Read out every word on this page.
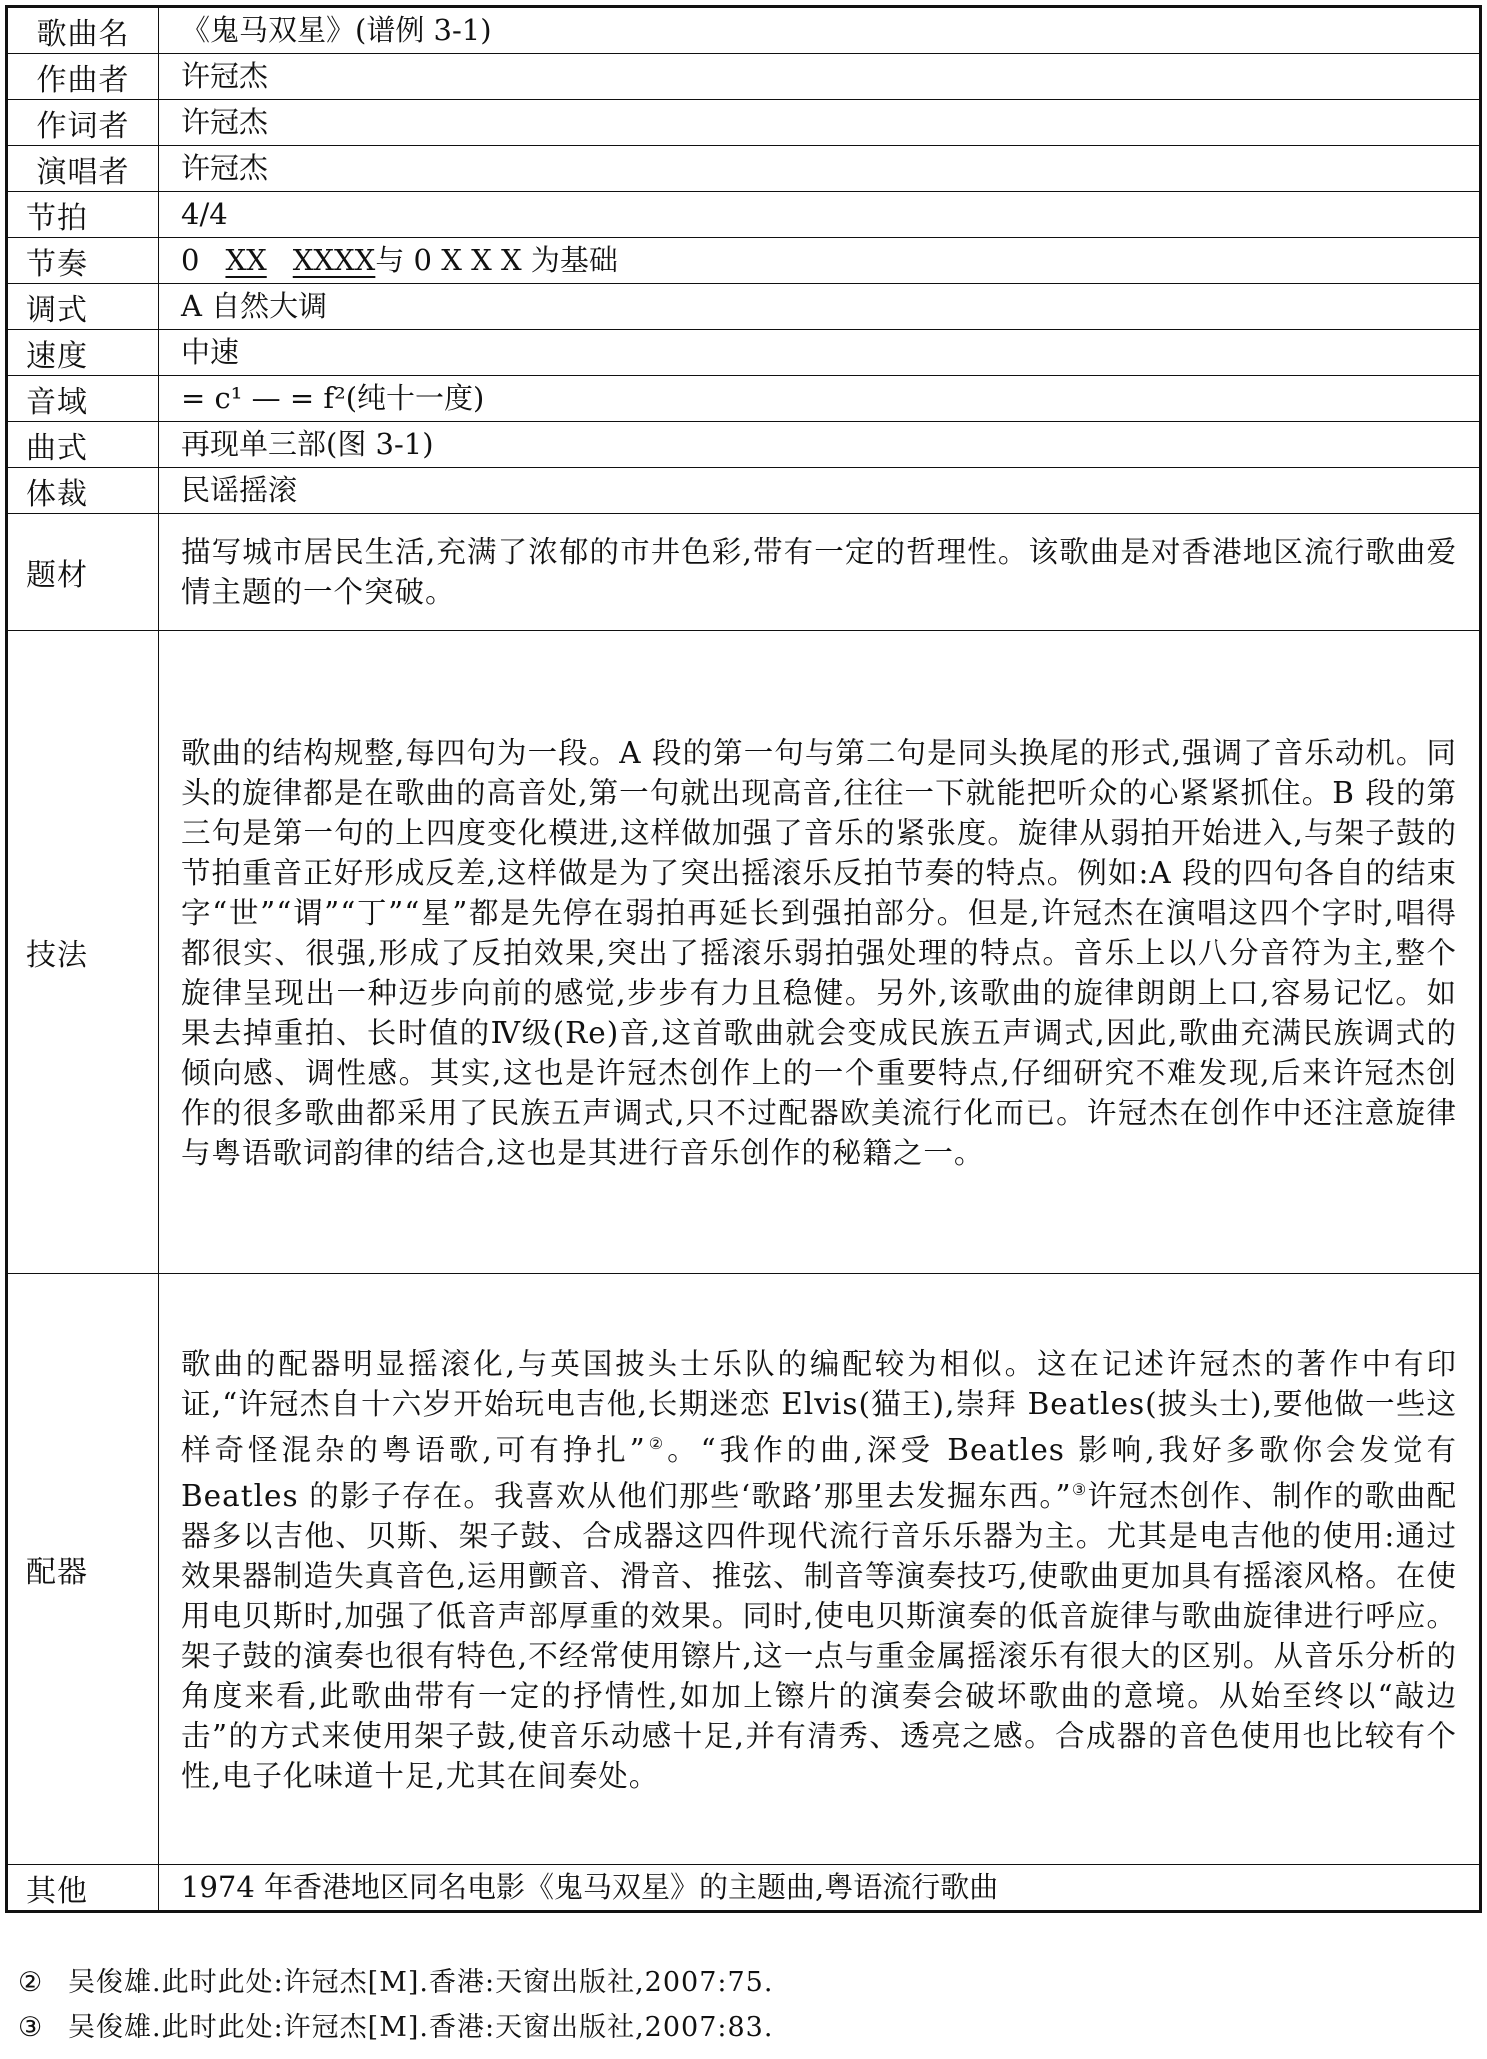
歌曲名	《鬼马双星》(谱例 3-1)
作曲者	许冠杰
作词者	许冠杰
演唱者	许冠杰

节拍	4/4

节奏	0 XX XXXX与 0 X X X 为基础

调式	A 自然大调

速度	中速

音域	= c¹ — = f²(纯十一度)

曲式	再现单三部(图 3-1)

体裁	民谣摇滚

题材	描写城市居民生活,充满了浓郁的市井色彩,带有一定的哲理性。该歌曲是对香港地区流行歌曲爱情主题的一个突破。

技法	歌曲的结构规整,每四句为一段。A 段的第一句与第二句是同头换尾的形式,强调了音乐动机。同头的旋律都是在歌曲的高音处,第一句就出现高音,往往一下就能把听众的心紧紧抓住。B 段的第三句是第一句的上四度变化模进,这样做加强了音乐的紧张度。旋律从弱拍开始进入,与架子鼓的节拍重音正好形成反差,这样做是为了突出摇滚乐反拍节奏的特点。例如:A 段的四句各自的结束字“世”“谓”“丁”“星”都是先停在弱拍再延长到强拍部分。但是,许冠杰在演唱这四个字时,唱得都很实、很强,形成了反拍效果,突出了摇滚乐弱拍强处理的特点。音乐上以八分音符为主,整个旋律呈现出一种迈步向前的感觉,步步有力且稳健。另外,该歌曲的旋律朗朗上口,容易记忆。如果去掉重拍、长时值的Ⅳ级(Re)音,这首歌曲就会变成民族五声调式,因此,歌曲充满民族调式的倾向感、调性感。其实,这也是许冠杰创作上的一个重要特点,仔细研究不难发现,后来许冠杰创作的很多歌曲都采用了民族五声调式,只不过配器欧美流行化而已。许冠杰在创作中还注意旋律与粤语歌词韵律的结合,这也是其进行音乐创作的秘籍之一。

配器	歌曲的配器明显摇滚化,与英国披头士乐队的编配较为相似。这在记述许冠杰的著作中有印证,“许冠杰自十六岁开始玩电吉他,长期迷恋 Elvis(猫王),崇拜 Beatles(披头士),要他做一些这样奇怪混杂的粤语歌,可有挣扎”②。“我作的曲,深受 Beatles 影响,我好多歌你会发觉有 Beatles 的影子存在。我喜欢从他们那些‘歌路’那里去发掘东西。”③许冠杰创作、制作的歌曲配器多以吉他、贝斯、架子鼓、合成器这四件现代流行音乐乐器为主。尤其是电吉他的使用:通过效果器制造失真音色,运用颤音、滑音、推弦、制音等演奏技巧,使歌曲更加具有摇滚风格。在使用电贝斯时,加强了低音声部厚重的效果。同时,使电贝斯演奏的低音旋律与歌曲旋律进行呼应。架子鼓的演奏也很有特色,不经常使用镲片,这一点与重金属摇滚乐有很大的区别。从音乐分析的角度来看,此歌曲带有一定的抒情性,如加上镲片的演奏会破坏歌曲的意境。从始至终以“敲边击”的方式来使用架子鼓,使音乐动感十足,并有清秀、透亮之感。合成器的音色使用也比较有个性,电子化味道十足,尤其在间奏处。

其他	1974 年香港地区同名电影《鬼马双星》的主题曲,粤语流行歌曲
② 吴俊雄.此时此处:许冠杰[M].香港:天窗出版社,2007:75.
③ 吴俊雄.此时此处:许冠杰[M].香港:天窗出版社,2007:83.
